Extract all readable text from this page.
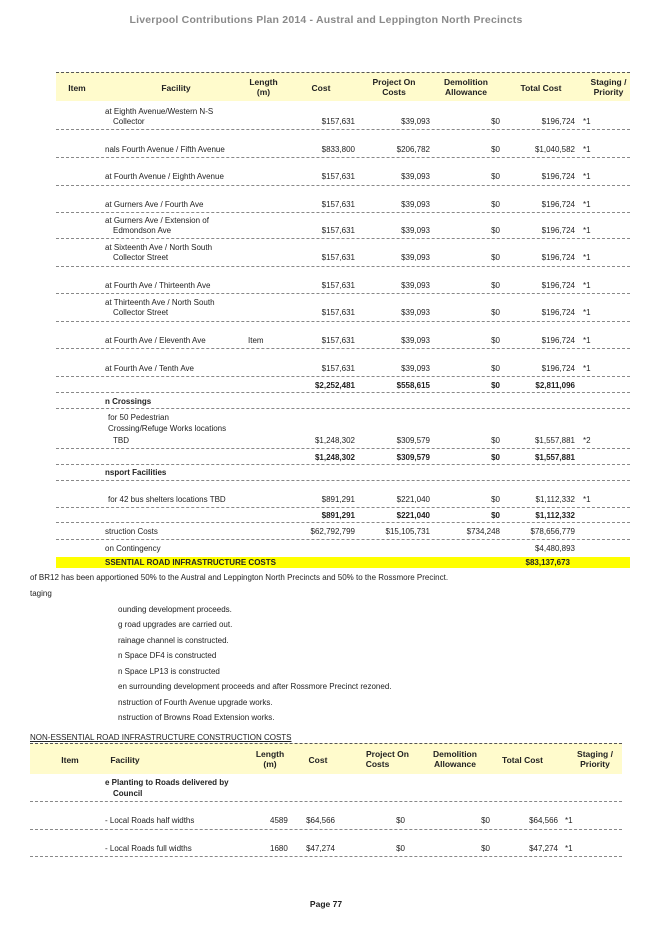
Liverpool Contributions Plan 2014 - Austral and Leppington North Precincts
Item	Facility
Length
(m)	Cost
Project On
Costs
Demolition
Allowance	Total Cost
Staging /
Priority
at Eighth Avenue/Western N-S
Collector	$157,631	$39,093	$0	$196,724 *1
nals Fourth Avenue / Fifth Avenue	$833,800	$206,782	$0	$1,040,582 *1
at Fourth Avenue / Eighth Avenue	$157,631	$39,093	$0	$196,724 *1
at Gurners Ave / Fourth Ave	$157,631	$39,093	$0	$196,724 *1
at Gurners Ave / Extension of
Edmondson Ave	$157,631	$39,093	$0	$196,724 *1
at Sixteenth Ave / North South
Collector Street	$157,631	$39,093	$0	$196,724 *1
at Fourth Ave / Thirteenth Ave	$157,631	$39,093	$0	$196,724 *1
at Thirteenth Ave / North South
Collector Street	$157,631	$39,093	$0	$196,724 *1
at Fourth Ave / Eleventh Ave	Item	$157,631	$39,093	$0	$196,724 *1
at Fourth Ave / Tenth Ave	$157,631	$39,093	$0	$196,724 *1
$2,252,481	$558,615	$0	$2,811,096
n Crossings
for 50 Pedestrian
Crossing/Refuge Works locations
TBD	$1,248,302	$309,579	$0	$1,557,881 *2
$1,248,302	$309,579	$0	$1,557,881
nsport Facilities
for 42 bus shelters locations TBD	$891,291	$221,040	$0	$1,112,332 *1
$891,291	$221,040	$0	$1,112,332
struction Costs	$62,792,799	$15,105,731	$734,248	$78,656,779
on Contingency	$4,480,893
SSENTIAL ROAD INFRASTRUCTURE COSTS	$83,137,673
of BR12 has been apportioned 50% to the Austral and Leppington North Precincts and 50% to the Rossmore Precinct.
taging
ounding development proceeds.
g road upgrades are carried out.
rainage channel is constructed.
n Space DF4 is constructed
n Space LP13 is constructed
en surrounding development proceeds and after Rossmore Precinct rezoned.
nstruction of Fourth Avenue upgrade works.
nstruction of Browns Road Extension works.
NON-ESSENTIAL ROAD INFRASTRUCTURE CONSTRUCTION COSTS
Item	Facility
Length
(m)	Cost
Project On
Costs
Demolition
Allowance	Total Cost
Staging /
Priority
e Planting to Roads delivered by
Council
- Local Roads half widths	4589	$64,566	$0	$0	$64,566 *1
- Local Roads full widths	1680	$47,274	$0	$0	$47,274 *1
Page 77
